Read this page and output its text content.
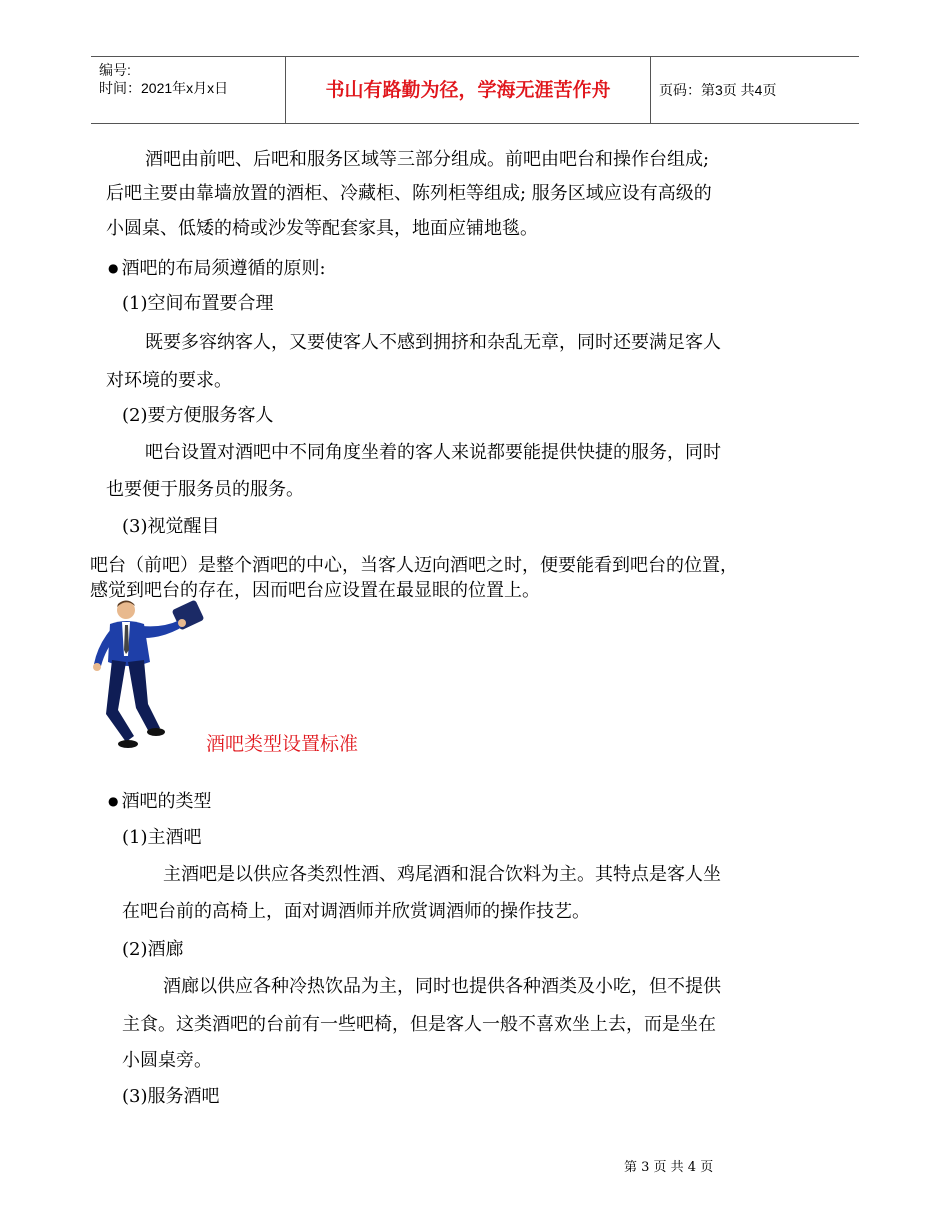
编号:
时间：2021年x月x日	书山有路勤为径，学海无涯苦作舟	页码：第3页 共4页
酒吧由前吧、后吧和服务区域等三部分组成。前吧由吧台和操作台组成;
后吧主要由靠墙放置的酒柜、冷藏柜、陈列柜等组成; 服务区域应设有高级的
小圆桌、低矮的椅或沙发等配套家具，地面应铺地毯。
● 酒吧的布局须遵循的原则:
(1)空间布置要合理
既要多容纳客人，又要使客人不感到拥挤和杂乱无章，同时还要满足客人
对环境的要求。
(2)要方便服务客人
吧台设置对酒吧中不同角度坐着的客人来说都要能提供快捷的服务，同时
也要便于服务员的服务。
(3)视觉醒目
吧台（前吧）是整个酒吧的中心，当客人迈向酒吧之时，便要能看到吧台的位置，
感觉到吧台的存在，因而吧台应设置在最显眼的位置上。
酒吧类型设置标准
● 酒吧的类型
(1)主酒吧
主酒吧是以供应各类烈性酒、鸡尾酒和混合饮料为主。其特点是客人坐
在吧台前的高椅上，面对调酒师并欣赏调酒师的操作技艺。
(2)酒廊
酒廊以供应各种冷热饮品为主，同时也提供各种酒类及小吃，但不提供
主食。这类酒吧的台前有一些吧椅，但是客人一般不喜欢坐上去，而是坐在
小圆桌旁。
(3)服务酒吧
第 3 页 共 4 页
